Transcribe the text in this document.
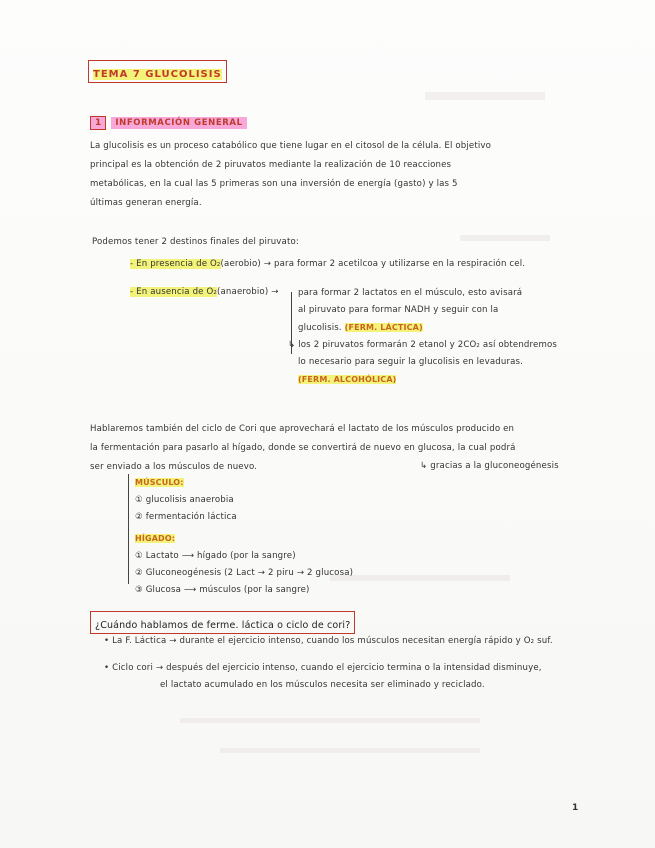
TEMA 7 GLUCOLISIS
1 INFORMACIÓN GENERAL
La glucolisis es un proceso catabólico que tiene lugar en el citosol de la célula. El objetivo
principal es la obtención de 2 piruvatos mediante la realización de 10 reacciones
metabólicas, en la cual las 5 primeras son una inversión de energía (gasto) y las 5
últimas generan energía.
Podemos tener 2 destinos finales del piruvato:
- En presencia de O₂(aerobio) → para formar 2 acetilcoa y utilizarse en la respiración cel.
- En ausencia de O₂(anaerobio) → para formar 2 lactatos en el músculo, esto avisará
al piruvato para formar NADH y seguir con la
glucolisis. (FERM. LÁCTICA)
↳ los 2 piruvatos formarán 2 etanol y 2CO₂ así obtendremos
lo necesario para seguir la glucolisis en levaduras.
(FERM. ALCOHÓLICA)
Hablaremos también del ciclo de Cori que aprovechará el lactato de los músculos producido en
la fermentación para pasarlo al hígado, donde se convertirá de nuevo en glucosa, la cual podrá
ser enviado a los músculos de nuevo.	↳ gracias a la gluconeogénesis
MÚSCULO:
① glucolisis anaerobia
② fermentación láctica
HÍGADO:
① Lactato ⟶ hígado (por la sangre)
② Gluconeogénesis (2 Lact → 2 piru → 2 glucosa)
③ Glucosa ⟶ músculos (por la sangre)
¿Cuándo hablamos de ferme. láctica o ciclo de cori?
• La F. Láctica → durante el ejercicio intenso, cuando los músculos necesitan energía rápido y O₂ suf.
• Ciclo cori → después del ejercicio intenso, cuando el ejercicio termina o la intensidad disminuye,
el lactato acumulado en los músculos necesita ser eliminado y reciclado.
1
